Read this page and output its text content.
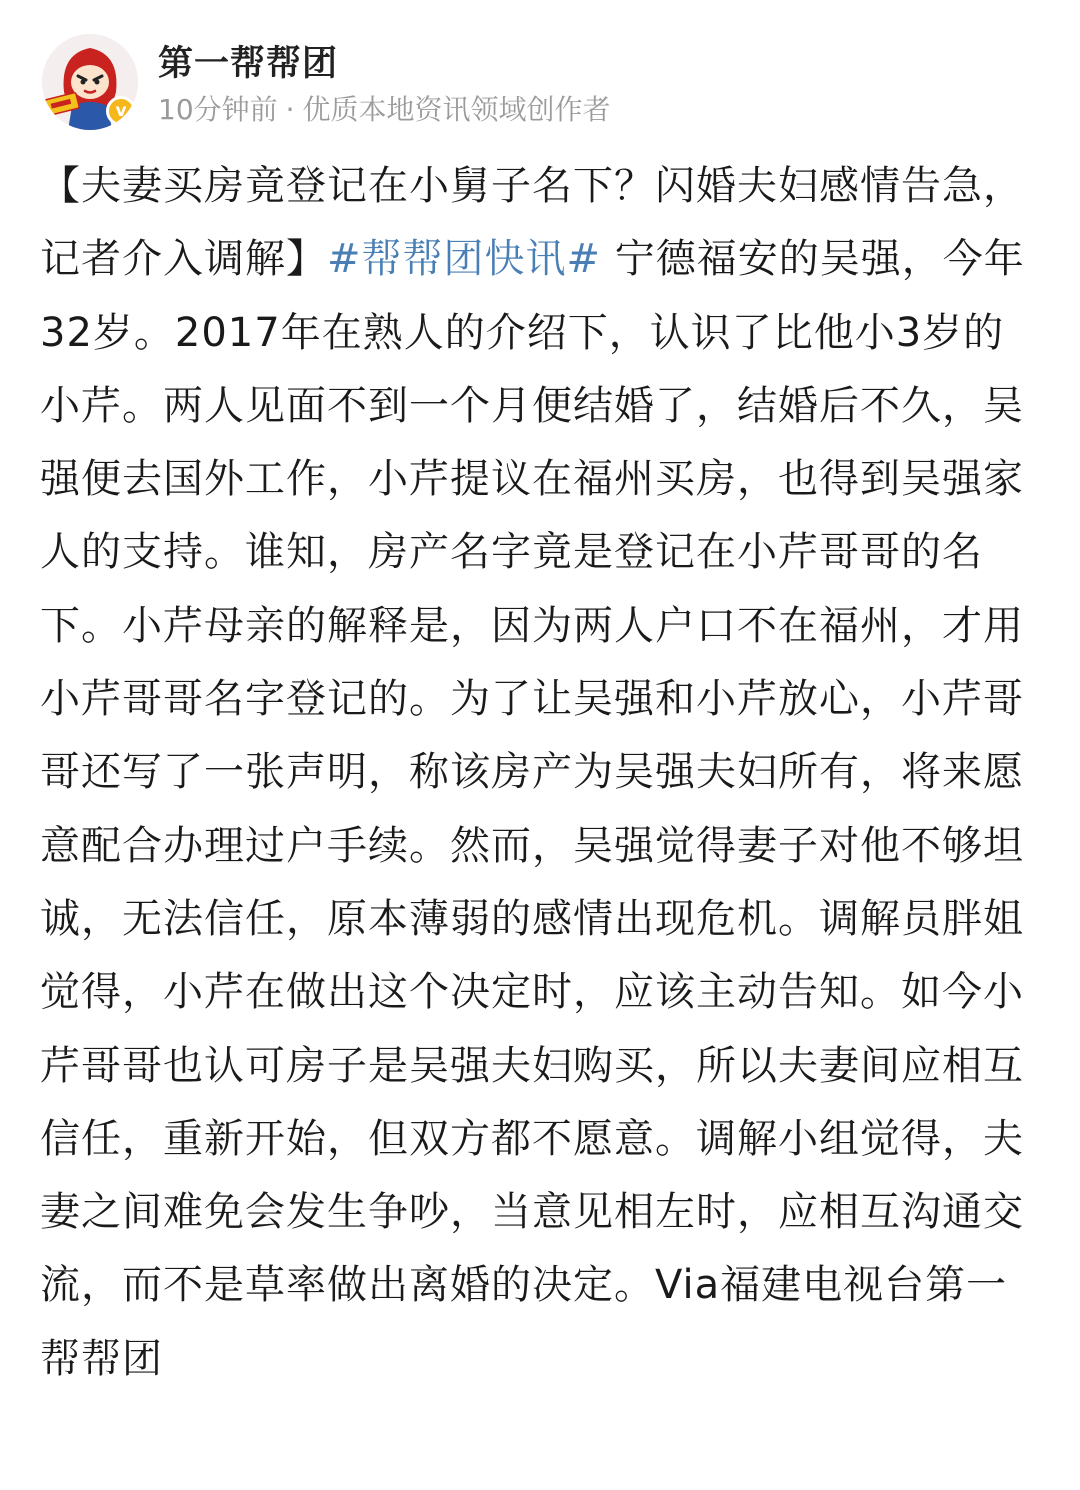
v
第一帮帮团
10分钟前 · 优质本地资讯领域创作者

【夫妻买房竟登记在小舅子名下？闪婚夫妇感情告急，记者介入调解】#帮帮团快讯# 宁德福安的吴强，今年32岁。2017年在熟人的介绍下，认识了比他小3岁的小芹。两人见面不到一个月便结婚了，结婚后不久，吴强便去国外工作，小芹提议在福州买房，也得到吴强家人的支持。谁知，房产名字竟是登记在小芹哥哥的名下。小芹母亲的解释是，因为两人户口不在福州，才用小芹哥哥名字登记的。为了让吴强和小芹放心，小芹哥哥还写了一张声明，称该房产为吴强夫妇所有，将来愿意配合办理过户手续。然而，吴强觉得妻子对他不够坦诚，无法信任，原本薄弱的感情出现危机。调解员胖姐觉得，小芹在做出这个决定时，应该主动告知。如今小芹哥哥也认可房子是吴强夫妇购买，所以夫妻间应相互信任，重新开始，但双方都不愿意。调解小组觉得，夫妻之间难免会发生争吵，当意见相左时，应相互沟通交流，而不是草率做出离婚的决定。Via福建电视台第一帮帮团
